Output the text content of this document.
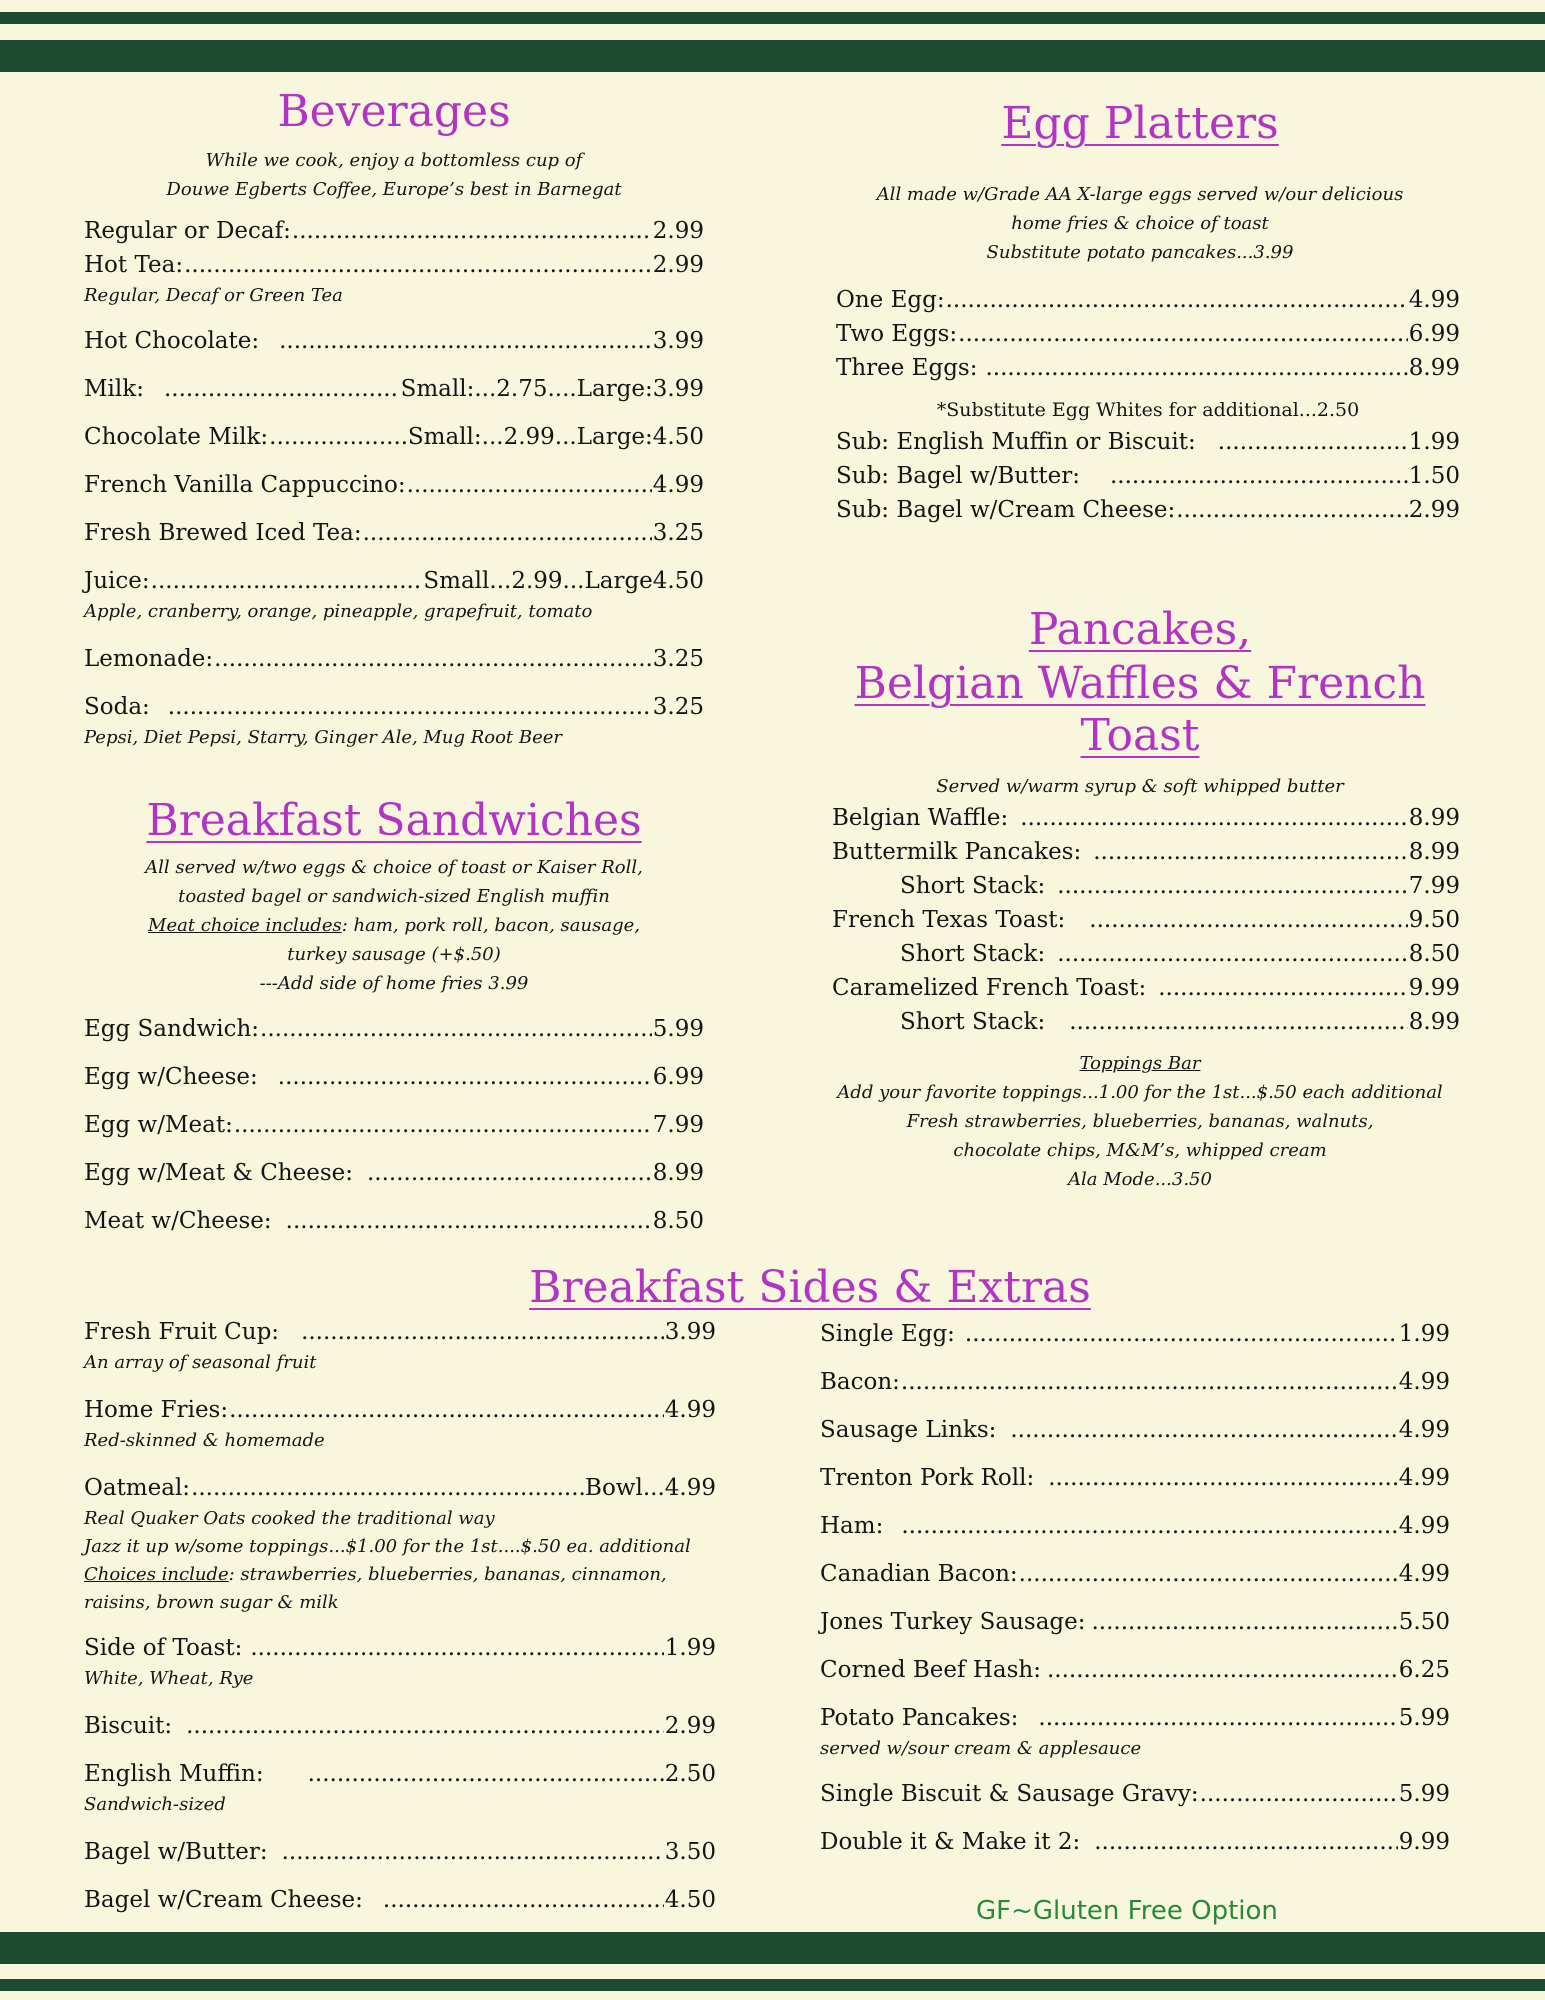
Beverages

While we cook, enjoy a bottomless cup of

Douwe Egberts Coffee, Europe’s best in Barnegat

Regular or Decaf: .....	2.99
Hot Tea: .....	2.99
Regular, Decaf or Green Tea
Hot Chocolate: .....	3.99
Milk: .....	Small:...2.75....Large: 3.99
Chocolate Milk: .....	Small:...2.99...Large: 4.50
French Vanilla Cappuccino: .....	4.99
Fresh Brewed Iced Tea: .....	3.25
Juice: .....	Small...2.99...Large 4.50
Apple, cranberry, orange, pineapple, grapefruit, tomato
Lemonade: .....	3.25
Soda: .....	3.25
Pepsi, Diet Pepsi, Starry, Ginger Ale, Mug Root Beer
Breakfast Sandwiches

All served w/two eggs & choice of toast or Kaiser Roll,

toasted bagel or sandwich-sized English muffin

Meat choice includes: ham, pork roll, bacon, sausage,

turkey sausage (+$.50)

---Add side of home fries 3.99

Egg Sandwich: .....	5.99
Egg w/Cheese: .....	6.99
Egg w/Meat: .....	7.99
Egg w/Meat & Cheese: .....	8.99
Meat w/Cheese: .....	8.50
Egg Platters

All made w/Grade AA X-large eggs served w/our delicious

home fries & choice of toast

Substitute potato pancakes...3.99

One Egg: .....	4.99
Two Eggs: .....	6.99
Three Eggs: .....	8.99
*Substitute Egg Whites for additional...2.50
Sub: English Muffin or Biscuit: .....	1.99
Sub: Bagel w/Butter: .....	1.50
Sub: Bagel w/Cream Cheese: .....	2.99
Pancakes,
Belgian Waffles & French Toast

Served w/warm syrup & soft whipped butter

Belgian Waffle: .....	8.99
Buttermilk Pancakes: .....	8.99
Short Stack: .....	7.99
French Texas Toast: .....	9.50
Short Stack: .....	8.50
Caramelized French Toast: .....	9.99
Short Stack: .....	8.99

Toppings Bar

Add your favorite toppings...1.00 for the 1st...$.50 each additional

Fresh strawberries, blueberries, bananas, walnuts,

chocolate chips, M&M’s, whipped cream

Ala Mode...3.50

Breakfast Sides & Extras
Fresh Fruit Cup: .....	3.99
An array of seasonal fruit
Home Fries: .....	4.99
Red-skinned & homemade
Oatmeal: .....	Bowl... 4.99
Real Quaker Oats cooked the traditional way
Jazz it up w/some toppings...$1.00 for the 1st....$.50 ea. additional
Choices include: strawberries, blueberries, bananas, cinnamon,
raisins, brown sugar & milk
Side of Toast: .....	1.99
White, Wheat, Rye
Biscuit: .....	2.99
English Muffin: .....	2.50
Sandwich-sized
Bagel w/Butter: .....	3.50
Bagel w/Cream Cheese: .....	4.50
Single Egg: .....	1.99
Bacon: .....	4.99
Sausage Links: .....	4.99
Trenton Pork Roll: .....	4.99
Ham: .....	4.99
Canadian Bacon: .....	4.99
Jones Turkey Sausage: .....	5.50
Corned Beef Hash: .....	6.25
Potato Pancakes: .....	5.99
served w/sour cream & applesauce
Single Biscuit & Sausage Gravy: .....	5.99
Double it & Make it 2: .....	9.99
GF~Gluten Free Option
